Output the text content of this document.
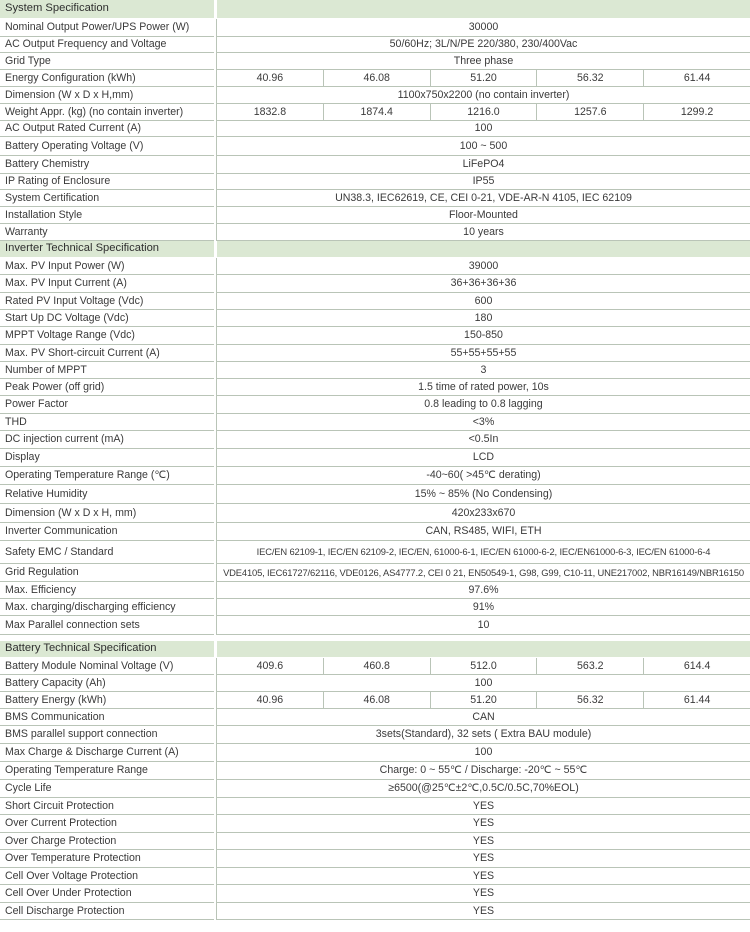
System Specification
Nominal Output Power/UPS Power (W)	30000
AC Output Frequency and Voltage	50/60Hz; 3L/N/PE 220/380, 230/400Vac
Grid Type	Three phase
Energy Configuration (kWh)	40.96	46.08	51.20	56.32	61.44
Dimension (W x D x H,mm)	1100x750x2200 (no contain inverter)
Weight Appr. (kg) (no contain inverter)	1832.8	1874.4	1216.0	1257.6	1299.2
AC Output Rated Current (A)	100
Battery Operating Voltage (V)	100 ~ 500
Battery Chemistry	LiFePO4
IP Rating of Enclosure	IP55
System Certification	UN38.3, IEC62619, CE, CEI 0-21, VDE-AR-N 4105, IEC 62109
Installation Style	Floor-Mounted
Warranty	10 years
Inverter Technical Specification
Max. PV Input Power (W)	39000
Max. PV Input Current (A)	36+36+36+36
Rated PV Input Voltage (Vdc)	600
Start Up DC Voltage (Vdc)	180
MPPT Voltage Range (Vdc)	150-850
Max. PV Short-circuit Current (A)	55+55+55+55
Number of MPPT	3
Peak Power (off grid)	1.5 time of rated power, 10s
Power Factor	0.8 leading to 0.8 lagging
THD	<3%
DC injection current (mA)	<0.5In
Display	LCD
Operating Temperature Range (℃)	-40~60( >45℃ derating)
Relative Humidity	15% ~ 85% (No Condensing)
Dimension (W x D x H, mm)	420x233x670
Inverter Communication	CAN, RS485, WIFI, ETH
Safety EMC / Standard	IEC/EN 62109-1, IEC/EN 62109-2, IEC/EN, 61000-6-1, IEC/EN 61000-6-2, IEC/EN61000-6-3, IEC/EN 61000-6-4
Grid Regulation	VDE4105, IEC61727/62116, VDE0126, AS4777.2, CEI 0 21, EN50549-1, G98, G99, C10-11, UNE217002, NBR16149/NBR16150
Max. Efficiency	97.6%
Max. charging/discharging efficiency	91%
Max Parallel connection sets	10
Battery Technical Specification
Battery Module Nominal Voltage (V)	409.6	460.8	512.0	563.2	614.4
Battery Capacity (Ah)	100
Battery Energy (kWh)	40.96	46.08	51.20	56.32	61.44
BMS Communication	CAN
BMS parallel support connection	3sets(Standard), 32 sets ( Extra BAU module)
Max Charge & Discharge Current (A)	100
Operating Temperature Range	Charge: 0 ~ 55℃ / Discharge: -20℃ ~ 55℃
Cycle Life	≥6500(@25℃±2℃,0.5C/0.5C,70%EOL)
Short Circuit Protection	YES
Over Current Protection	YES
Over Charge Protection	YES
Over Temperature Protection	YES
Cell Over Voltage Protection	YES
Cell Over Under Protection	YES
Cell Discharge Protection	YES
